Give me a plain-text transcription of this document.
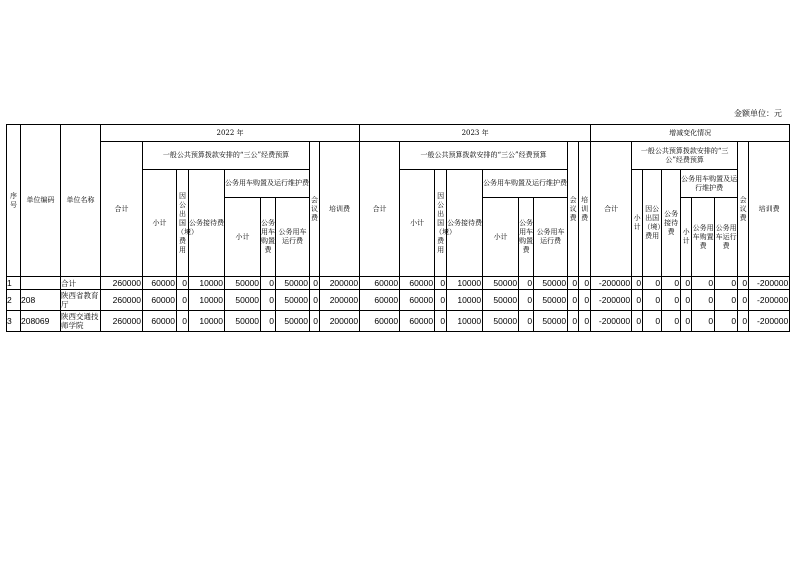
金额单位：元
序号	单位编码	单位名称	2022 年									2023 年									增减变化情况								
			合计	一般公共预算拨款安排的“三公”经费预算						会议费	培训费	合计	一般公共预算拨款安排的“三公”经费预算						会议费	培训费	合计	一般公共预算拨款安排的“三公”经费预算						会议费	培训费
				小计	因公出国（境）费用	公务接待费	公务用车购置及运行维护费						小计	因公出国（境）费用	公务接待费	公务用车购置及运行维护费						小计	因公出国（境）费用	公务接待费	公务用车购置及运行维护费				
							小计	公务用车购置费	公务用车运行费							小计	公务用车购置费	公务用车运行费							小计	公务用车购置费	公务用车运行费		
1		合计	260000	60000	0	10000	50000	0	50000	0	200000	60000	60000	0	10000	50000	0	50000	0	0	-200000	0	0	0	0	0	0	0	-200000
2	208	陕西省教育厅	260000	60000	0	10000	50000	0	50000	0	200000	60000	60000	0	10000	50000	0	50000	0	0	-200000	0	0	0	0	0	0	0	-200000
3	208069	陕西交通技师学院	260000	60000	0	10000	50000	0	50000	0	200000	60000	60000	0	10000	50000	0	50000	0	0	-200000	0	0	0	0	0	0	0	-200000
